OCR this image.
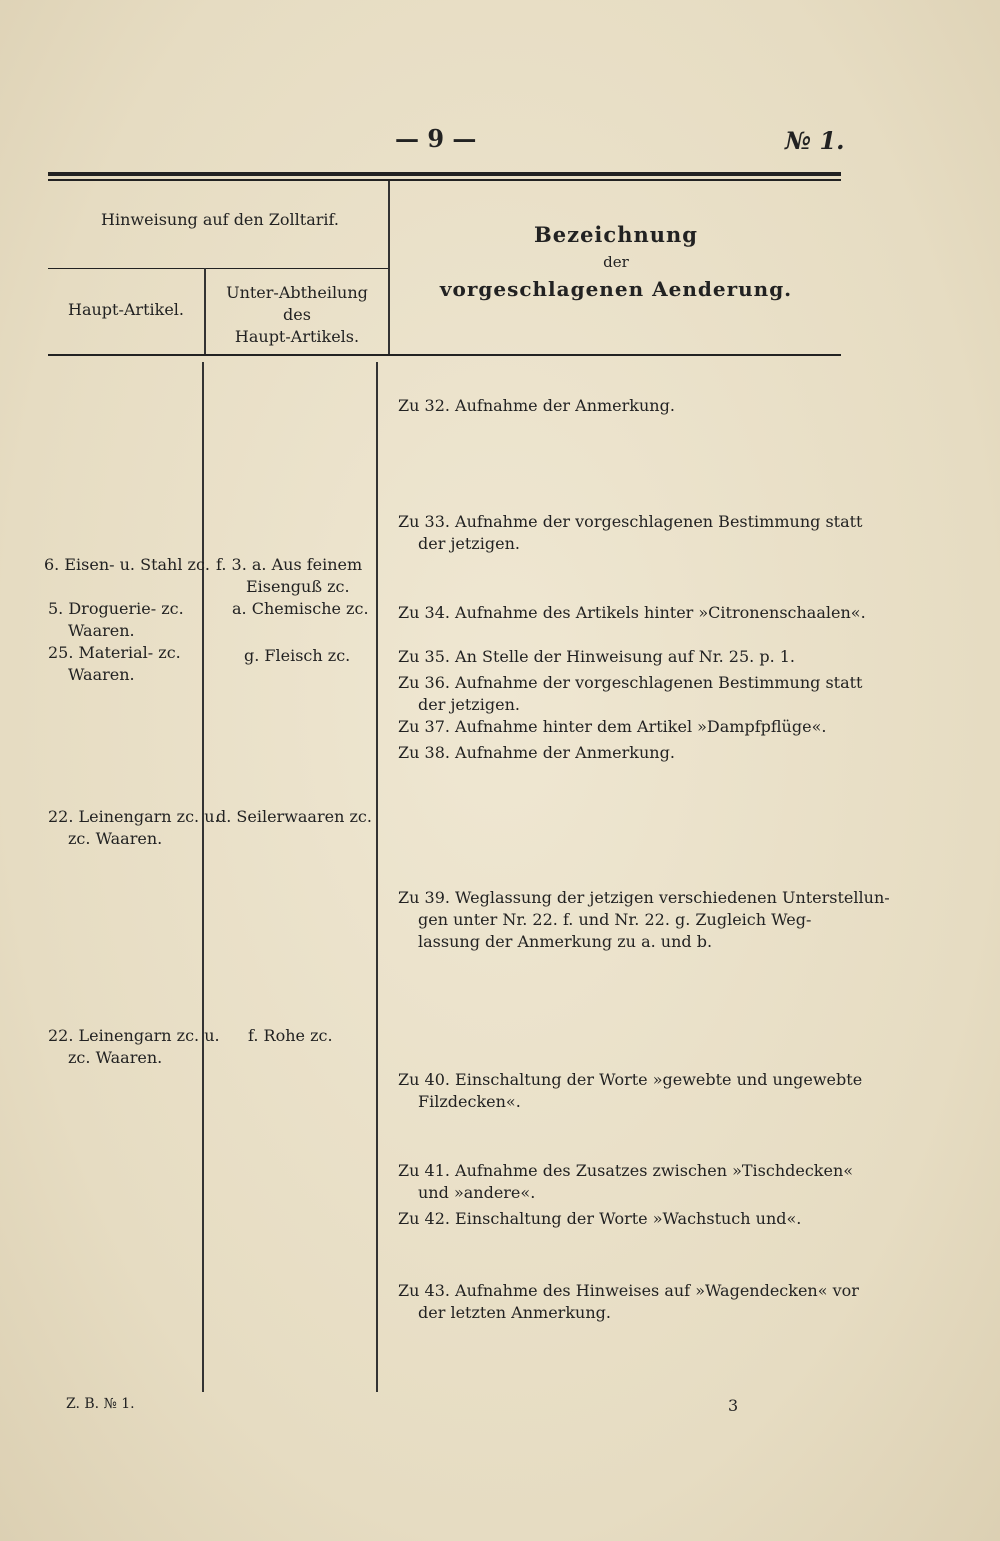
— 9 —	№ 1.
Hinweisung auf den Zolltarif.
Haupt-Artikel.
Unter-Abtheilung
des
Haupt-Artikels.
Bezeichnung
der
vorgeschlagenen Aenderung.
6. Eisen- u. Stahl zc.
5. Droguerie- zc.
Waaren.
25. Material- zc.
Waaren.
22. Leinengarn zc. u.
zc. Waaren.
22. Leinengarn zc. u.
zc. Waaren.
f. 3. a. Aus feinem
Eisenguß zc.
a. Chemische zc.
g. Fleisch zc.
d. Seilerwaaren zc.
f. Rohe zc.
Zu 32. Aufnahme der Anmerkung.
Zu 33. Aufnahme der vorgeschlagenen Bestimmung statt
der jetzigen.
Zu 34. Aufnahme des Artikels hinter »Citronenschaalen«.
Zu 35. An Stelle der Hinweisung auf Nr. 25. p. 1.
Zu 36. Aufnahme der vorgeschlagenen Bestimmung statt
der jetzigen.
Zu 37. Aufnahme hinter dem Artikel »Dampfpflüge«.
Zu 38. Aufnahme der Anmerkung.
Zu 39. Weglassung der jetzigen verschiedenen Unterstellun-
gen unter Nr. 22. f. und Nr. 22. g. Zugleich Weg-
lassung der Anmerkung zu a. und b.
Zu 40. Einschaltung der Worte »gewebte und ungewebte
Filzdecken«.
Zu 41. Aufnahme des Zusatzes zwischen »Tischdecken«
und »andere«.
Zu 42. Einschaltung der Worte »Wachstuch und«.
Zu 43. Aufnahme des Hinweises auf »Wagendecken« vor
der letzten Anmerkung.
Z. B. № 1.	3
